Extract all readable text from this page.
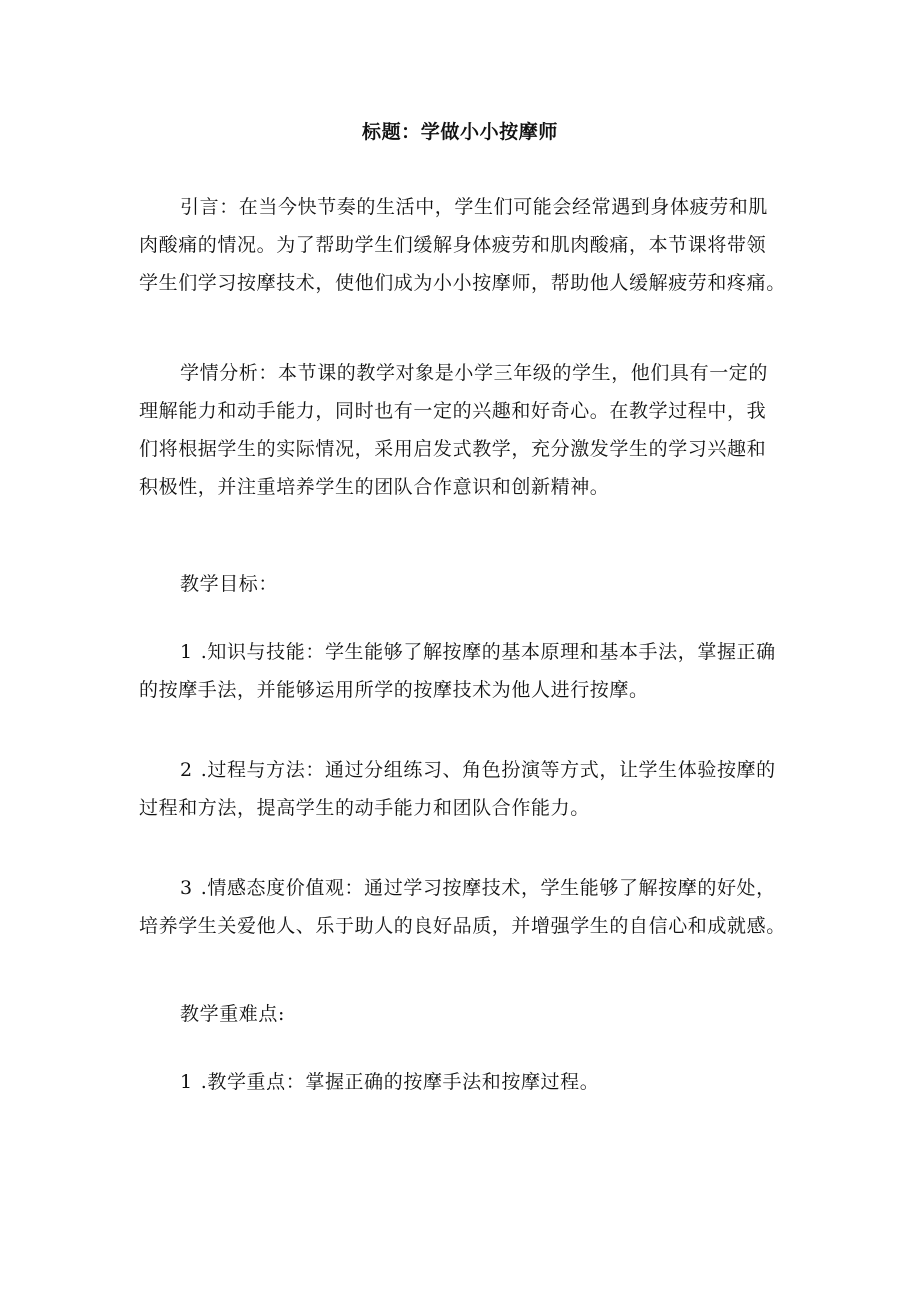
标题：学做小小按摩师

引言：在当今快节奏的生活中，学生们可能会经常遇到身体疲劳和肌
肉酸痛的情况。为了帮助学生们缓解身体疲劳和肌肉酸痛，本节课将带领
学生们学习按摩技术，使他们成为小小按摩师，帮助他人缓解疲劳和疼痛。

学情分析：本节课的教学对象是小学三年级的学生，他们具有一定的
理解能力和动手能力，同时也有一定的兴趣和好奇心。在教学过程中，我
们将根据学生的实际情况，采用启发式教学，充分激发学生的学习兴趣和
积极性，并注重培养学生的团队合作意识和创新精神。

教学目标：

1 .知识与技能：学生能够了解按摩的基本原理和基本手法，掌握正确
的按摩手法，并能够运用所学的按摩技术为他人进行按摩。

2 .过程与方法：通过分组练习、角色扮演等方式，让学生体验按摩的
过程和方法，提高学生的动手能力和团队合作能力。

3 .情感态度价值观：通过学习按摩技术，学生能够了解按摩的好处，
培养学生关爱他人、乐于助人的良好品质，并增强学生的自信心和成就感。

教学重难点:

1 .教学重点：掌握正确的按摩手法和按摩过程。
